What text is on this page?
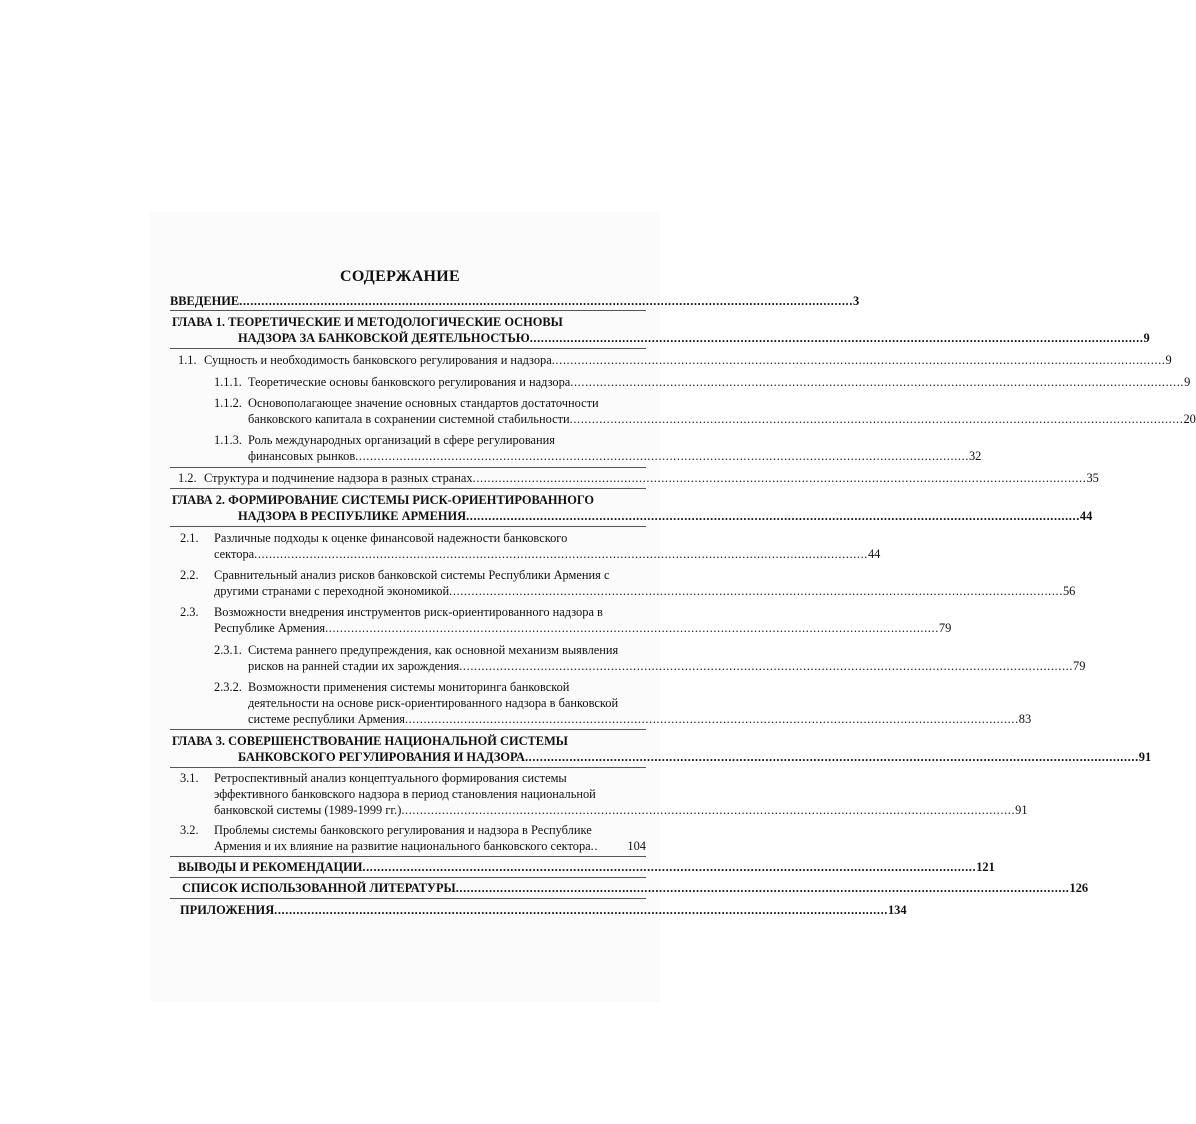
СОДЕРЖАНИЕ
ВВЕДЕНИЕ ...................................................................................................................................................................... 3
ГЛАВА 1. ТЕОРЕТИЧЕСКИЕ И МЕТОДОЛОГИЧЕСКИЕ ОСНОВЫ
НАДЗОРА ЗА БАНКОВСКОЙ ДЕЯТЕЛЬНОСТЬЮ ...................................................................................................................................................................... 9
1.1. Сущность и необходимость банковского регулирования и надзора ...................................................................................................................................................................... 9
1.1.1. Теоретические основы банковского регулирования и надзора ...................................................................................................................................................................... 9
1.1.2. Основополагающее значение основных стандартов достаточности
банковского капитала в сохранении системной стабильности ...................................................................................................................................................................... 20
1.1.3. Роль международных организаций в сфере регулирования
финансовых рынков ...................................................................................................................................................................... 32
1.2. Структура и подчинение надзора в разных странах ...................................................................................................................................................................... 35
ГЛАВА 2. ФОРМИРОВАНИЕ СИСТЕМЫ РИСК-ОРИЕНТИРОВАННОГО
НАДЗОРА В РЕСПУБЛИКЕ АРМЕНИЯ ...................................................................................................................................................................... 44
2.1. Различные подходы к оценке финансовой надежности банковского
сектора ...................................................................................................................................................................... 44
2.2. Сравнительный анализ рисков банковской системы Республики Армения с
другими странами с переходной экономикой ...................................................................................................................................................................... 56
2.3. Возможности внедрения инструментов риск-ориентированного надзора в
Республике Армения ...................................................................................................................................................................... 79
2.3.1. Система раннего предупреждения, как основной механизм выявления
рисков на ранней стадии их зарождения ...................................................................................................................................................................... 79
2.3.2. Возможности применения системы мониторинга банковской
деятельности на основе риск-ориентированного надзора в банковской
системе республики Армения ...................................................................................................................................................................... 83
ГЛАВА 3. СОВЕРШЕНСТВОВАНИЕ НАЦИОНАЛЬНОЙ СИСТЕМЫ
БАНКОВСКОГО РЕГУЛИРОВАНИЯ И НАДЗОРА ...................................................................................................................................................................... 91
3.1. Ретроспективный анализ концептуального формирования системы
эффективного банковского надзора в период становления национальной
банковской системы (1989-1999 гг.) ...................................................................................................................................................................... 91
3.2. Проблемы системы банковского регулирования и надзора в Республике
Армения и их влияние на развитие национального банковского сектора ..	104
ВЫВОДЫ И РЕКОМЕНДАЦИИ ...................................................................................................................................................................... 121
СПИСОК ИСПОЛЬЗОВАННОЙ ЛИТЕРАТУРЫ ...................................................................................................................................................................... 126
ПРИЛОЖЕНИЯ ...................................................................................................................................................................... 134
